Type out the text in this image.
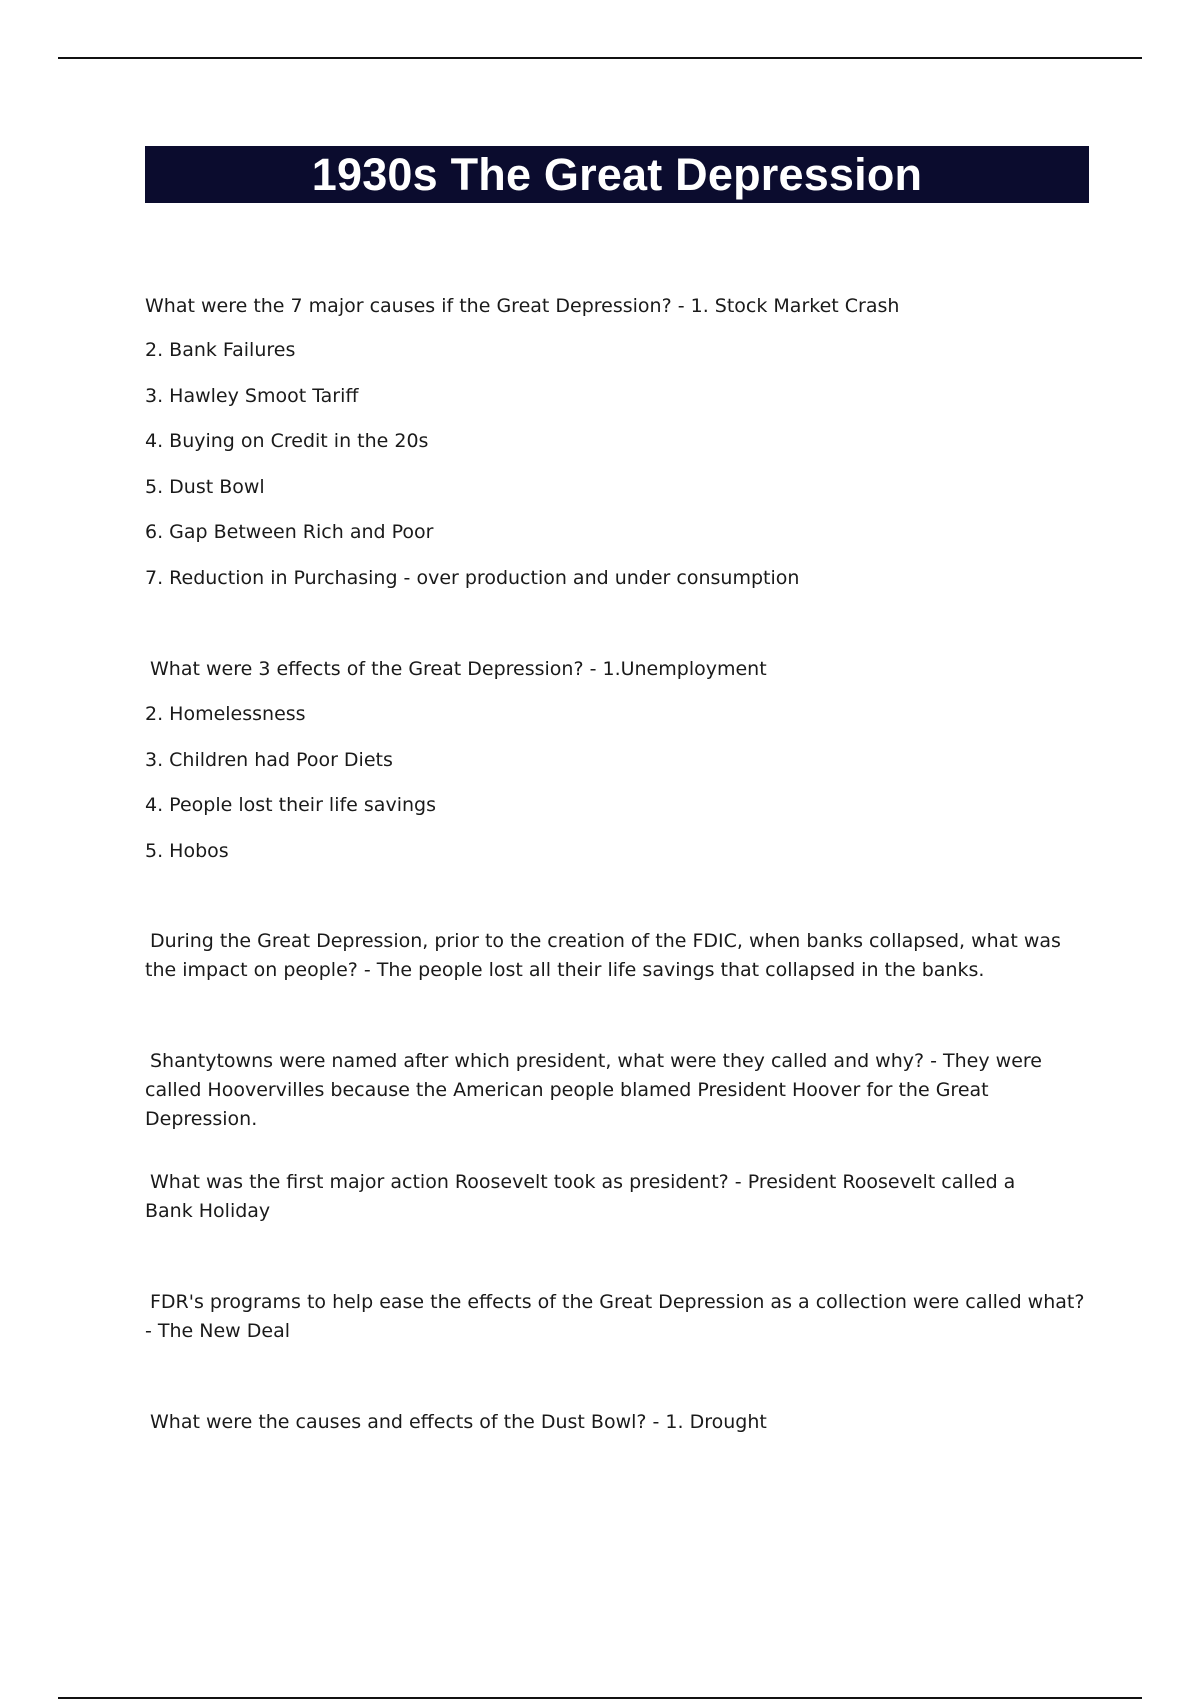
1930s The Great Depression
What were the 7 major causes if the Great Depression? - 1. Stock Market Crash
2. Bank Failures
3. Hawley Smoot Tariff
4. Buying on Credit in the 20s
5. Dust Bowl
6. Gap Between Rich and Poor
7. Reduction in Purchasing - over production and under consumption
What were 3 effects of the Great Depression? - 1.Unemployment
2. Homelessness
3. Children had Poor Diets
4. People lost their life savings
5. Hobos
During the Great Depression, prior to the creation of the FDIC, when banks collapsed, what was the impact on people? - The people lost all their life savings that collapsed in the banks.
Shantytowns were named after which president, what were they called and why? - They were called Hoovervilles because the American people blamed President Hoover for the Great Depression.
What was the first major action Roosevelt took as president? - President Roosevelt called a Bank Holiday
FDR's programs to help ease the effects of the Great Depression as a collection were called what? - The New Deal
What were the causes and effects of the Dust Bowl? - 1. Drought
